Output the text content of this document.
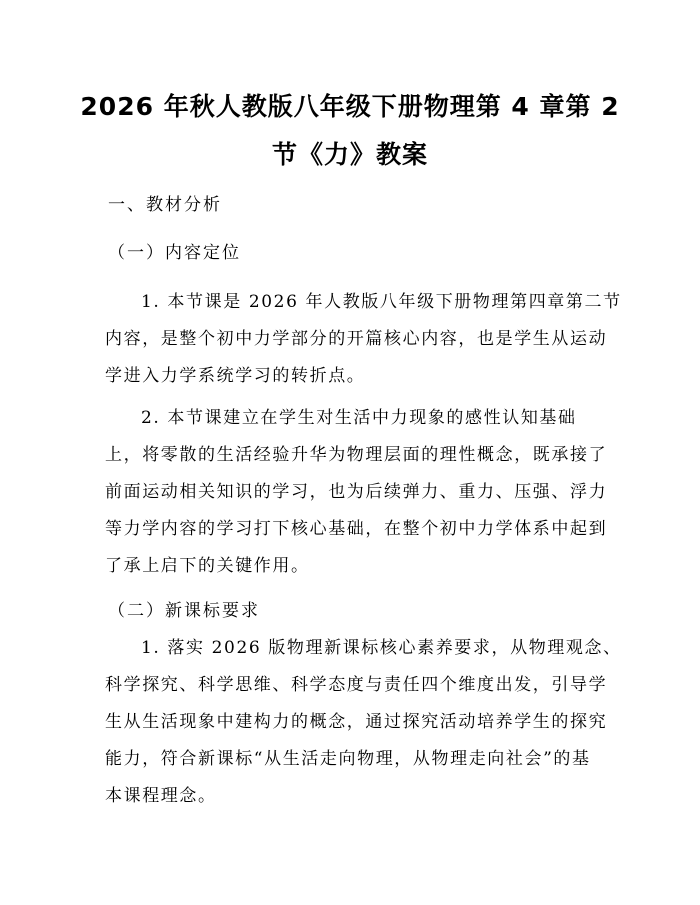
2026 年秋人教版八年级下册物理第 4 章第 2
节《力》教案
一、教材分析
（一）内容定位
1. 本节课是 2026 年人教版八年级下册物理第四章第二节
内容，是整个初中力学部分的开篇核心内容，也是学生从运动
学进入力学系统学习的转折点。
2. 本节课建立在学生对生活中力现象的感性认知基础
上，将零散的生活经验升华为物理层面的理性概念，既承接了
前面运动相关知识的学习，也为后续弹力、重力、压强、浮力
等力学内容的学习打下核心基础，在整个初中力学体系中起到
了承上启下的关键作用。
（二）新课标要求
1. 落实 2026 版物理新课标核心素养要求，从物理观念、
科学探究、科学思维、科学态度与责任四个维度出发，引导学
生从生活现象中建构力的概念，通过探究活动培养学生的探究
能力，符合新课标“从生活走向物理，从物理走向社会”的基
本课程理念。
